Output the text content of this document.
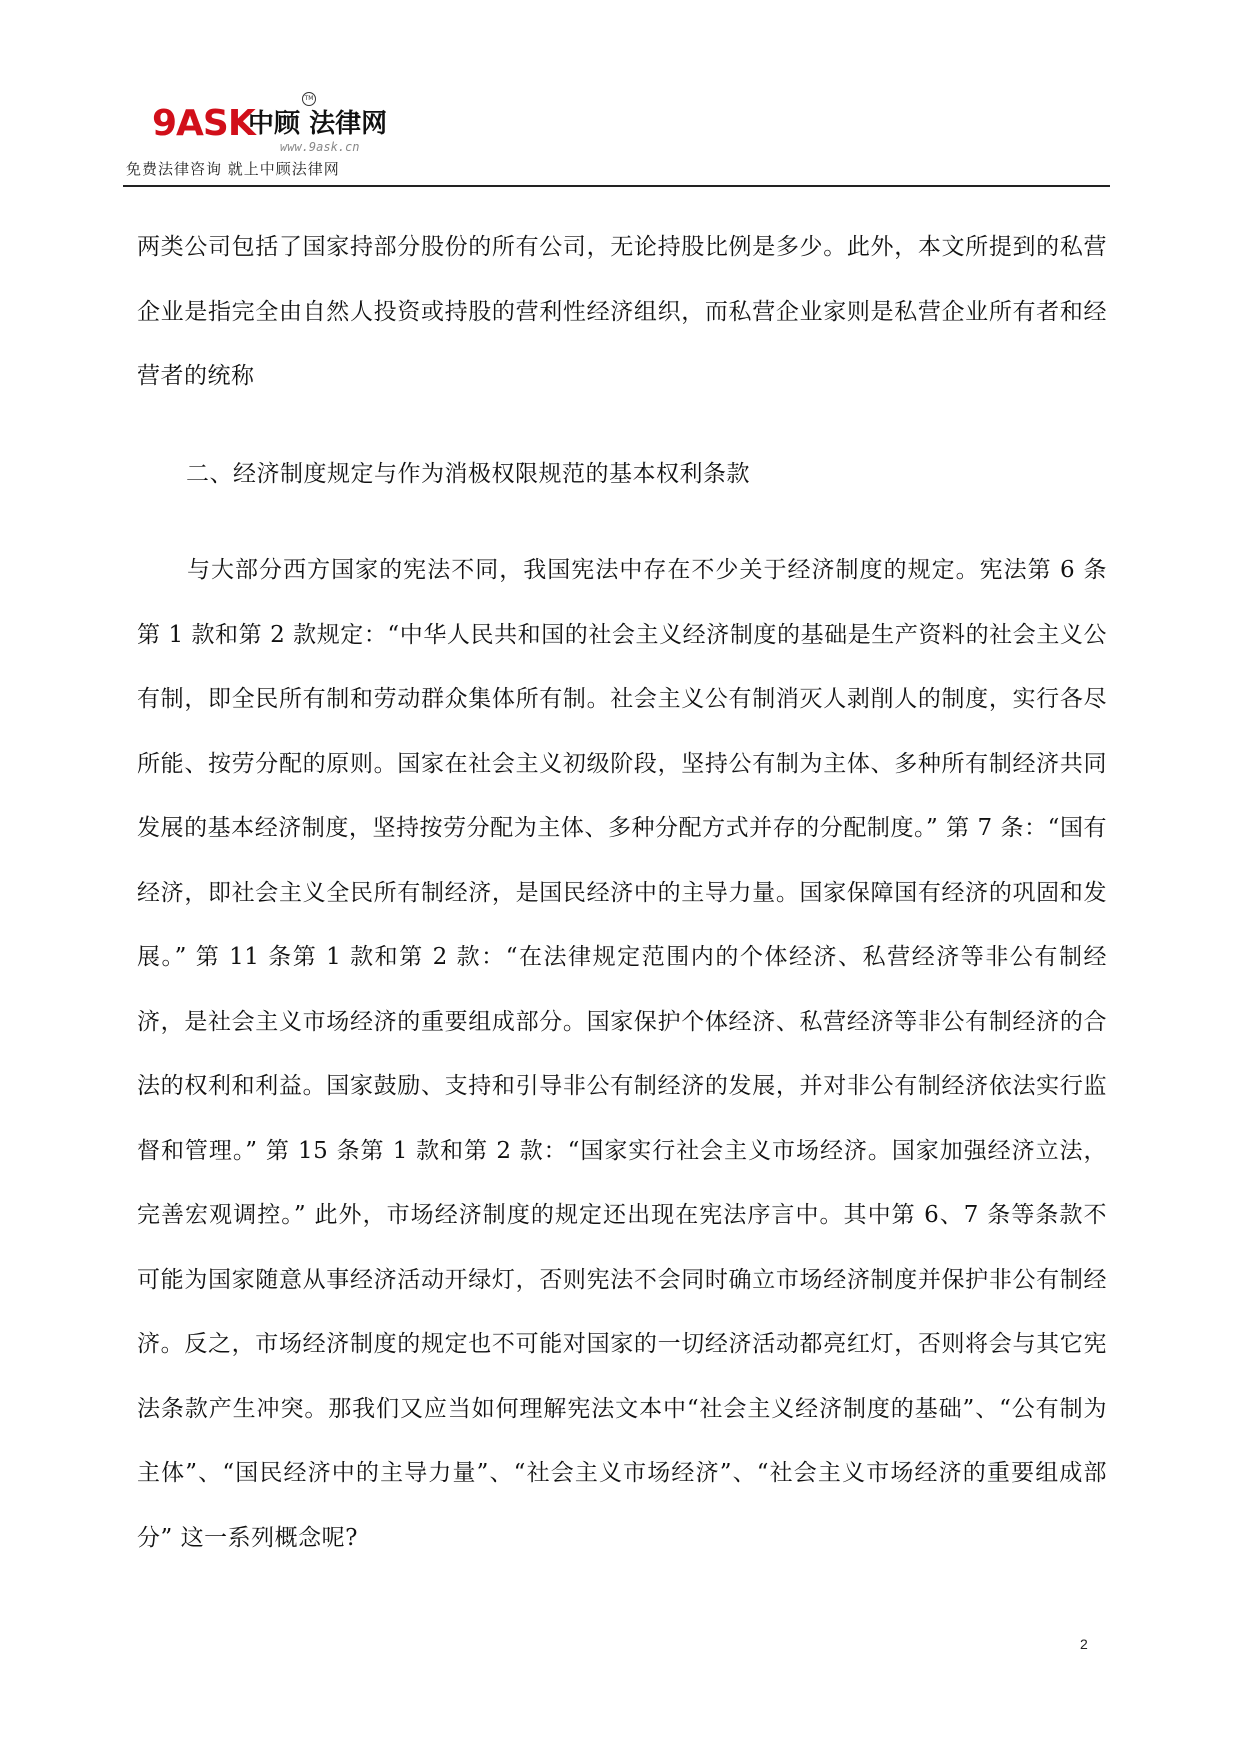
9ASK
中顾 法律网
TM
www.9ask.cn
免费法律咨询 就上中顾法律网
两类公司包括了国家持部分股份的所有公司，无论持股比例是多少。此外，本文所提到的私营企业是指完全由自然人投资或持股的营利性经济组织，而私营企业家则是私营企业所有者和经营者的统称
二、经济制度规定与作为消极权限规范的基本权利条款
与大部分西方国家的宪法不同，我国宪法中存在不少关于经济制度的规定。宪法第 6 条第 1 款和第 2 款规定：“中华人民共和国的社会主义经济制度的基础是生产资料的社会主义公有制，即全民所有制和劳动群众集体所有制。社会主义公有制消灭人剥削人的制度，实行各尽所能、按劳分配的原则。国家在社会主义初级阶段，坚持公有制为主体、多种所有制经济共同发展的基本经济制度，坚持按劳分配为主体、多种分配方式并存的分配制度。” 第 7 条：“国有经济，即社会主义全民所有制经济，是国民经济中的主导力量。国家保障国有经济的巩固和发展。” 第 11 条第 1 款和第 2 款：“在法律规定范围内的个体经济、私营经济等非公有制经济，是社会主义市场经济的重要组成部分。国家保护个体经济、私营经济等非公有制经济的合法的权利和利益。国家鼓励、支持和引导非公有制经济的发展，并对非公有制经济依法实行监督和管理。” 第 15 条第 1 款和第 2 款：“国家实行社会主义市场经济。国家加强经济立法，完善宏观调控。” 此外，市场经济制度的规定还出现在宪法序言中。其中第 6、7 条等条款不可能为国家随意从事经济活动开绿灯，否则宪法不会同时确立市场经济制度并保护非公有制经济。反之，市场经济制度的规定也不可能对国家的一切经济活动都亮红灯，否则将会与其它宪法条款产生冲突。那我们又应当如何理解宪法文本中“社会主义经济制度的基础”、“公有制为主体”、“国民经济中的主导力量”、“社会主义市场经济”、“社会主义市场经济的重要组成部分” 这一系列概念呢?
2
